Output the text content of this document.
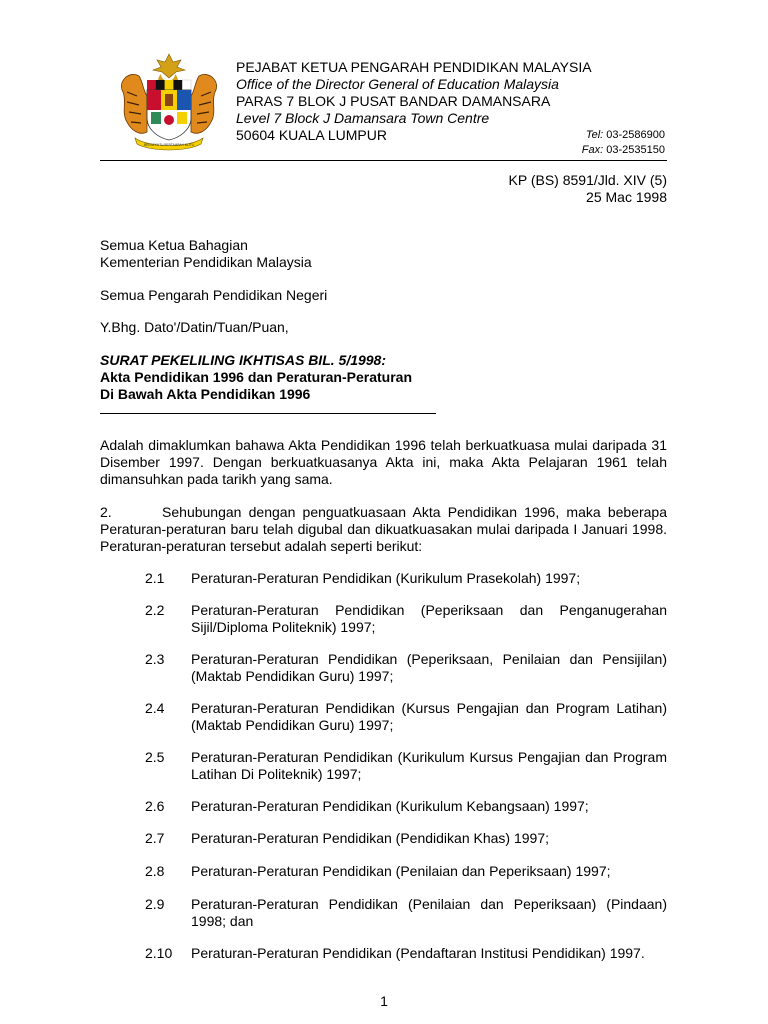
BERSEKUTU BERTAMBAH MUTU
PEJABAT KETUA PENGARAH PENDIDIKAN MALAYSIA
Office of the Director General of Education Malaysia
PARAS 7 BLOK J PUSAT BANDAR DAMANSARA
Level 7 Block J Damansara Town Centre
50604 KUALA LUMPUR	Tel: 03-2586900
Fax: 03-2535150
KP (BS) 8591/Jld. XIV (5)
25 Mac 1998
Semua Ketua Bahagian
Kementerian Pendidikan Malaysia
Semua Pengarah Pendidikan Negeri
Y.Bhg. Dato'/Datin/Tuan/Puan,
SURAT PEKELILING IKHTISAS BIL. 5/1998:
Akta Pendidikan 1996 dan Peraturan-Peraturan
Di Bawah Akta Pendidikan 1996
Adalah dimaklumkan bahawa Akta Pendidikan 1996 telah berkuatkuasa mulai daripada 31 Disember 1997. Dengan berkuatkuasanya Akta ini, maka Akta Pelajaran 1961 telah dimansuhkan pada tarikh yang sama.
2.       Sehubungan dengan penguatkuasaan Akta Pendidikan 1996, maka beberapa Peraturan-peraturan baru telah digubal dan dikuatkuasakan mulai daripada I Januari 1998. Peraturan-peraturan tersebut adalah seperti berikut:
2.1 Peraturan-Peraturan Pendidikan (Kurikulum Prasekolah) 1997;
2.2 Peraturan-Peraturan Pendidikan (Peperiksaan dan Penganugerahan Sijil/Diploma Politeknik) 1997;
2.3 Peraturan-Peraturan Pendidikan (Peperiksaan, Penilaian dan Pensijilan) (Maktab Pendidikan Guru) 1997;
2.4 Peraturan-Peraturan Pendidikan (Kursus Pengajian dan Program Latihan) (Maktab Pendidikan Guru) 1997;
2.5 Peraturan-Peraturan Pendidikan (Kurikulum Kursus Pengajian dan Program Latihan Di Politeknik) 1997;
2.6 Peraturan-Peraturan Pendidikan (Kurikulum Kebangsaan) 1997;
2.7 Peraturan-Peraturan Pendidikan (Pendidikan Khas) 1997;
2.8 Peraturan-Peraturan Pendidikan (Penilaian dan Peperiksaan) 1997;
2.9 Peraturan-Peraturan Pendidikan (Penilaian dan Peperiksaan) (Pindaan) 1998; dan
2.10 Peraturan-Peraturan Pendidikan (Pendaftaran Institusi Pendidikan) 1997.
1
